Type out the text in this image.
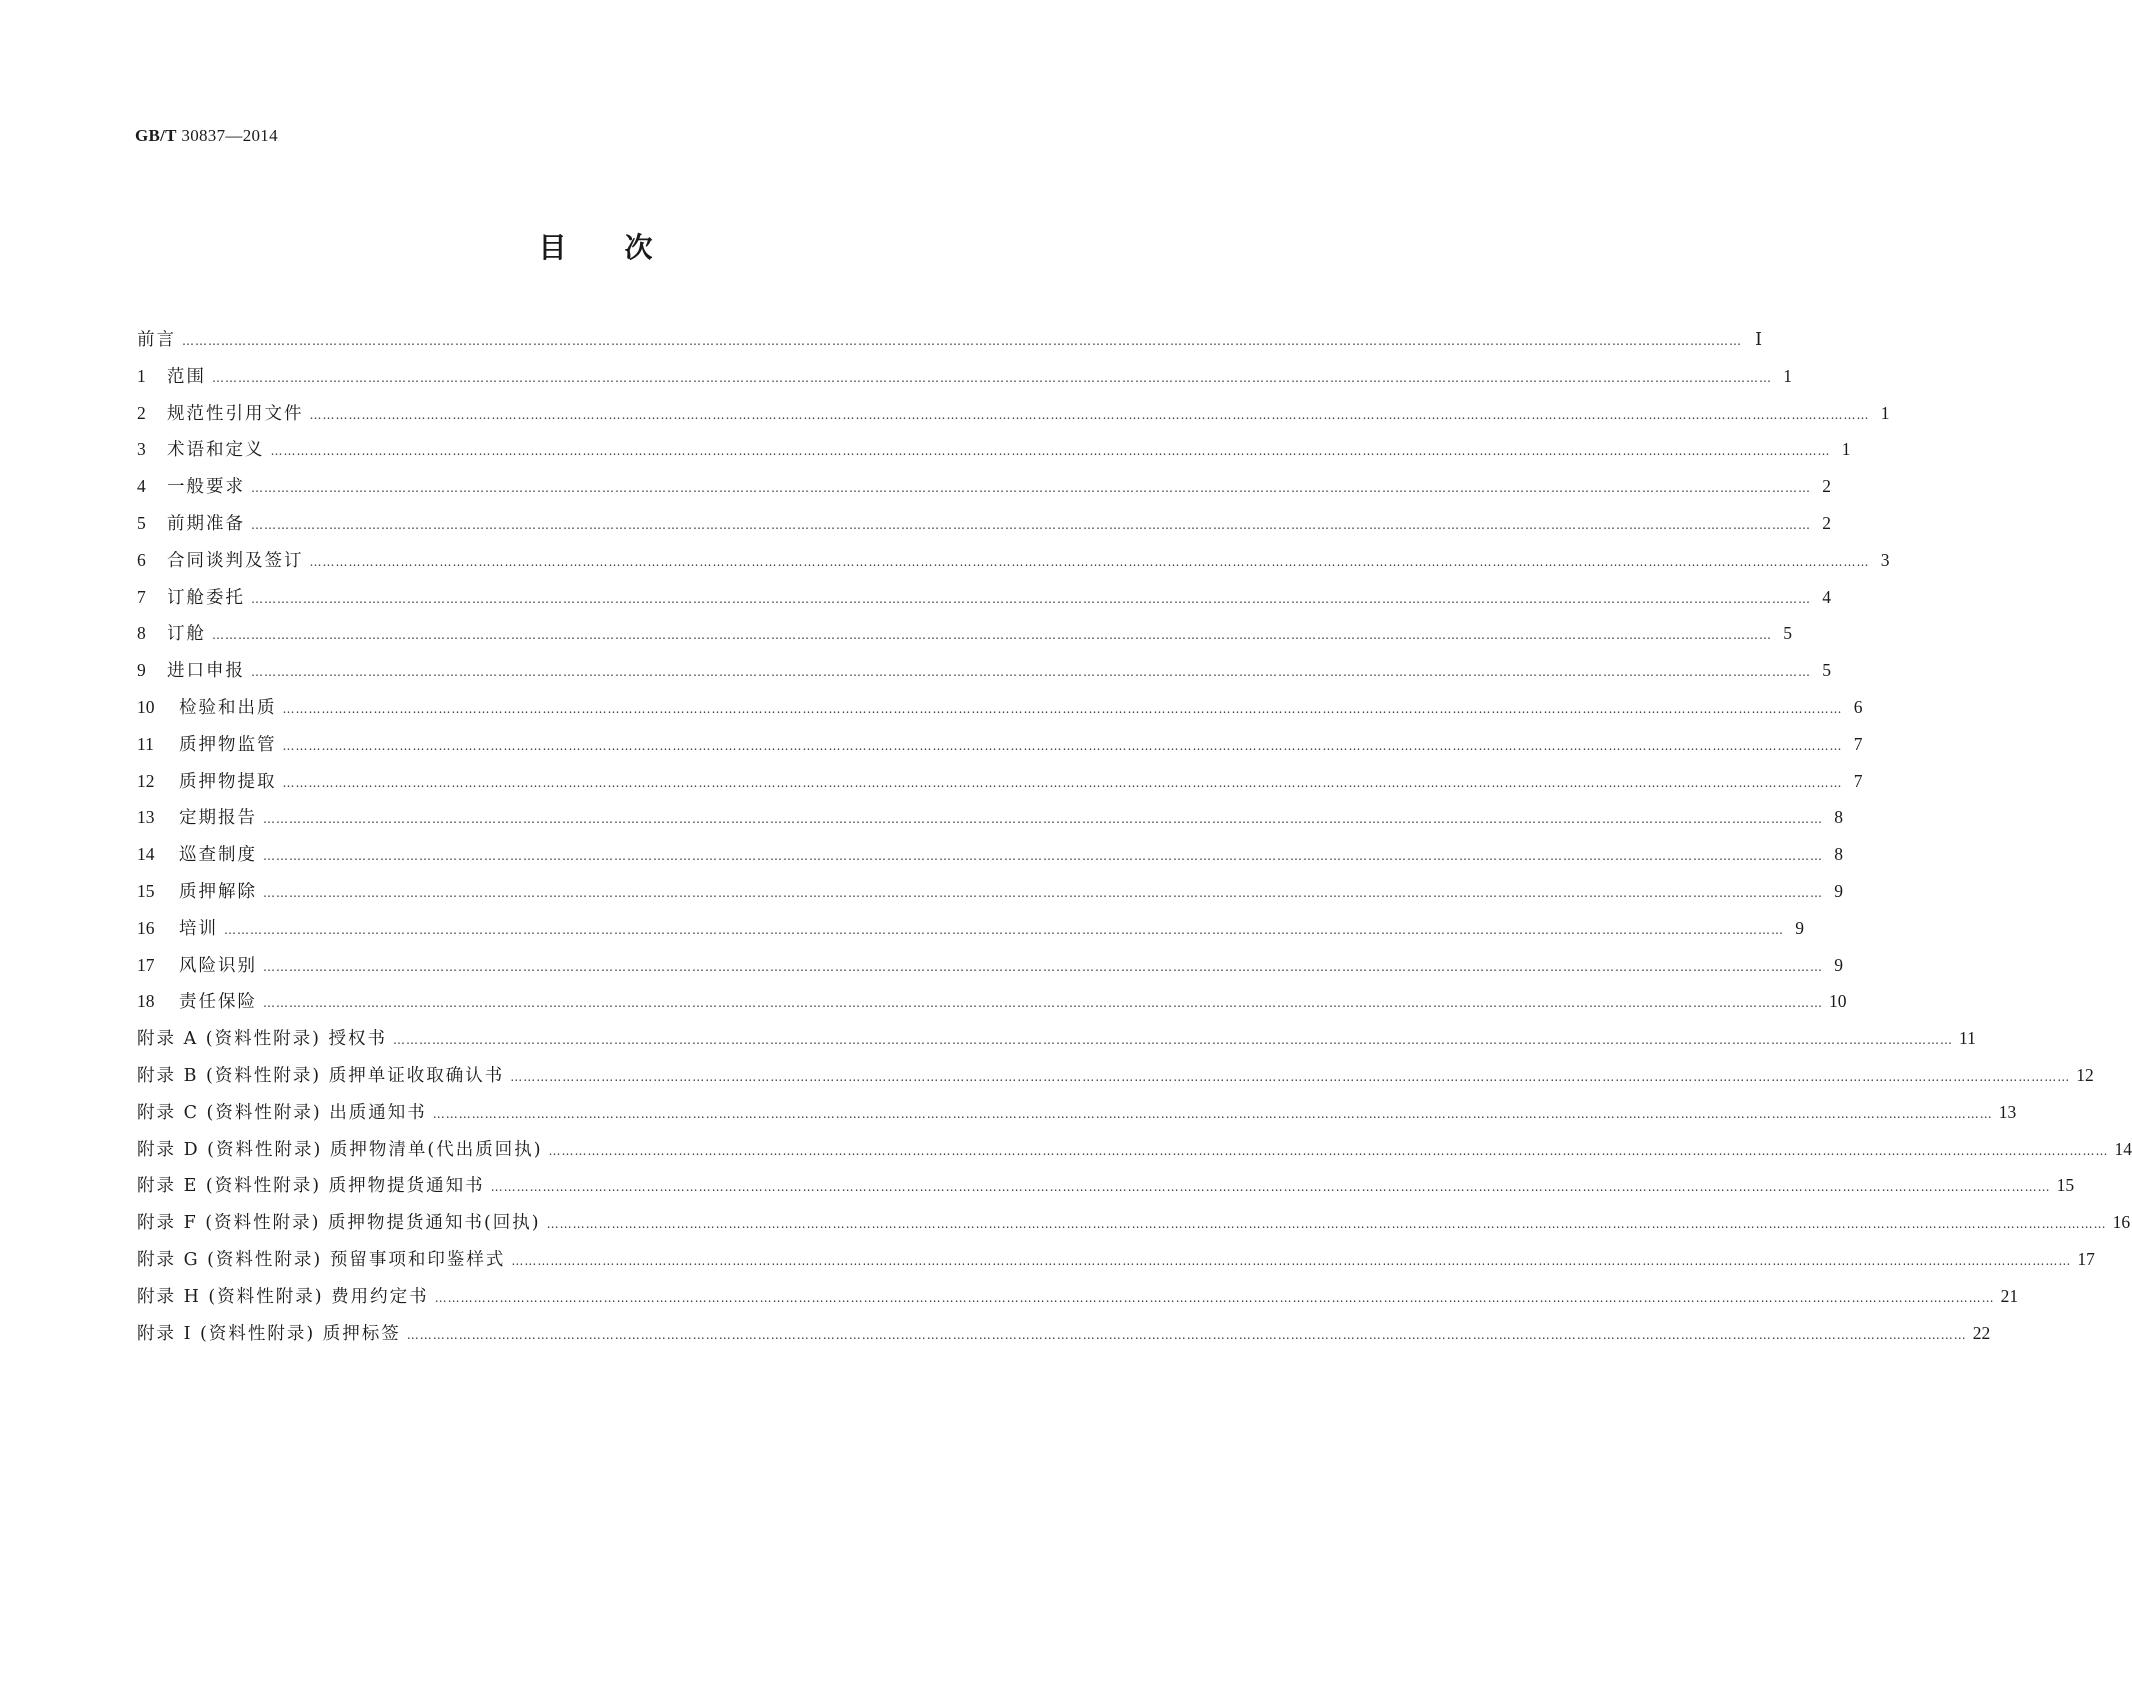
GB/T 30837—2014
目次
前言 ……………………………………………………………………………………………………………………………………………………………………………………………………………………………………………………………………………………………………………………………… Ⅰ
1 范围 ……………………………………………………………………………………………………………………………………………………………………………………………………………………………………………………………………………………………………………………………… 1
2 规范性引用文件 ……………………………………………………………………………………………………………………………………………………………………………………………………………………………………………………………………………………………………………………………… 1
3 术语和定义 ……………………………………………………………………………………………………………………………………………………………………………………………………………………………………………………………………………………………………………………………… 1
4 一般要求 ……………………………………………………………………………………………………………………………………………………………………………………………………………………………………………………………………………………………………………………………… 2
5 前期准备 ……………………………………………………………………………………………………………………………………………………………………………………………………………………………………………………………………………………………………………………………… 2
6 合同谈判及签订 ……………………………………………………………………………………………………………………………………………………………………………………………………………………………………………………………………………………………………………………………… 3
7 订舱委托 ……………………………………………………………………………………………………………………………………………………………………………………………………………………………………………………………………………………………………………………………… 4
8 订舱 ……………………………………………………………………………………………………………………………………………………………………………………………………………………………………………………………………………………………………………………………… 5
9 进口申报 ……………………………………………………………………………………………………………………………………………………………………………………………………………………………………………………………………………………………………………………………… 5
10 检验和出质 ……………………………………………………………………………………………………………………………………………………………………………………………………………………………………………………………………………………………………………………………… 6
11 质押物监管 ……………………………………………………………………………………………………………………………………………………………………………………………………………………………………………………………………………………………………………………………… 7
12 质押物提取 ……………………………………………………………………………………………………………………………………………………………………………………………………………………………………………………………………………………………………………………………… 7
13 定期报告 ……………………………………………………………………………………………………………………………………………………………………………………………………………………………………………………………………………………………………………………………… 8
14 巡查制度 ……………………………………………………………………………………………………………………………………………………………………………………………………………………………………………………………………………………………………………………………… 8
15 质押解除 ……………………………………………………………………………………………………………………………………………………………………………………………………………………………………………………………………………………………………………………………… 9
16 培训 ……………………………………………………………………………………………………………………………………………………………………………………………………………………………………………………………………………………………………………………………… 9
17 风险识别 ……………………………………………………………………………………………………………………………………………………………………………………………………………………………………………………………………………………………………………………………… 9
18 责任保险 ……………………………………………………………………………………………………………………………………………………………………………………………………………………………………………………………………………………………………………………………… 10
附录 A (资料性附录) 授权书 ……………………………………………………………………………………………………………………………………………………………………………………………………………………………………………………………………………………………………………………………… 11
附录 B (资料性附录) 质押单证收取确认书 ……………………………………………………………………………………………………………………………………………………………………………………………………………………………………………………………………………………………………………………………… 12
附录 C (资料性附录) 出质通知书 ……………………………………………………………………………………………………………………………………………………………………………………………………………………………………………………………………………………………………………………………… 13
附录 D (资料性附录) 质押物清单(代出质回执) ……………………………………………………………………………………………………………………………………………………………………………………………………………………………………………………………………………………………………………………………… 14
附录 E (资料性附录) 质押物提货通知书 ……………………………………………………………………………………………………………………………………………………………………………………………………………………………………………………………………………………………………………………………… 15
附录 F (资料性附录) 质押物提货通知书(回执) ……………………………………………………………………………………………………………………………………………………………………………………………………………………………………………………………………………………………………………………………… 16
附录 G (资料性附录) 预留事项和印鉴样式 ……………………………………………………………………………………………………………………………………………………………………………………………………………………………………………………………………………………………………………………………… 17
附录 H (资料性附录) 费用约定书 ……………………………………………………………………………………………………………………………………………………………………………………………………………………………………………………………………………………………………………………………… 21
附录 I (资料性附录) 质押标签 ……………………………………………………………………………………………………………………………………………………………………………………………………………………………………………………………………………………………………………………………… 22
